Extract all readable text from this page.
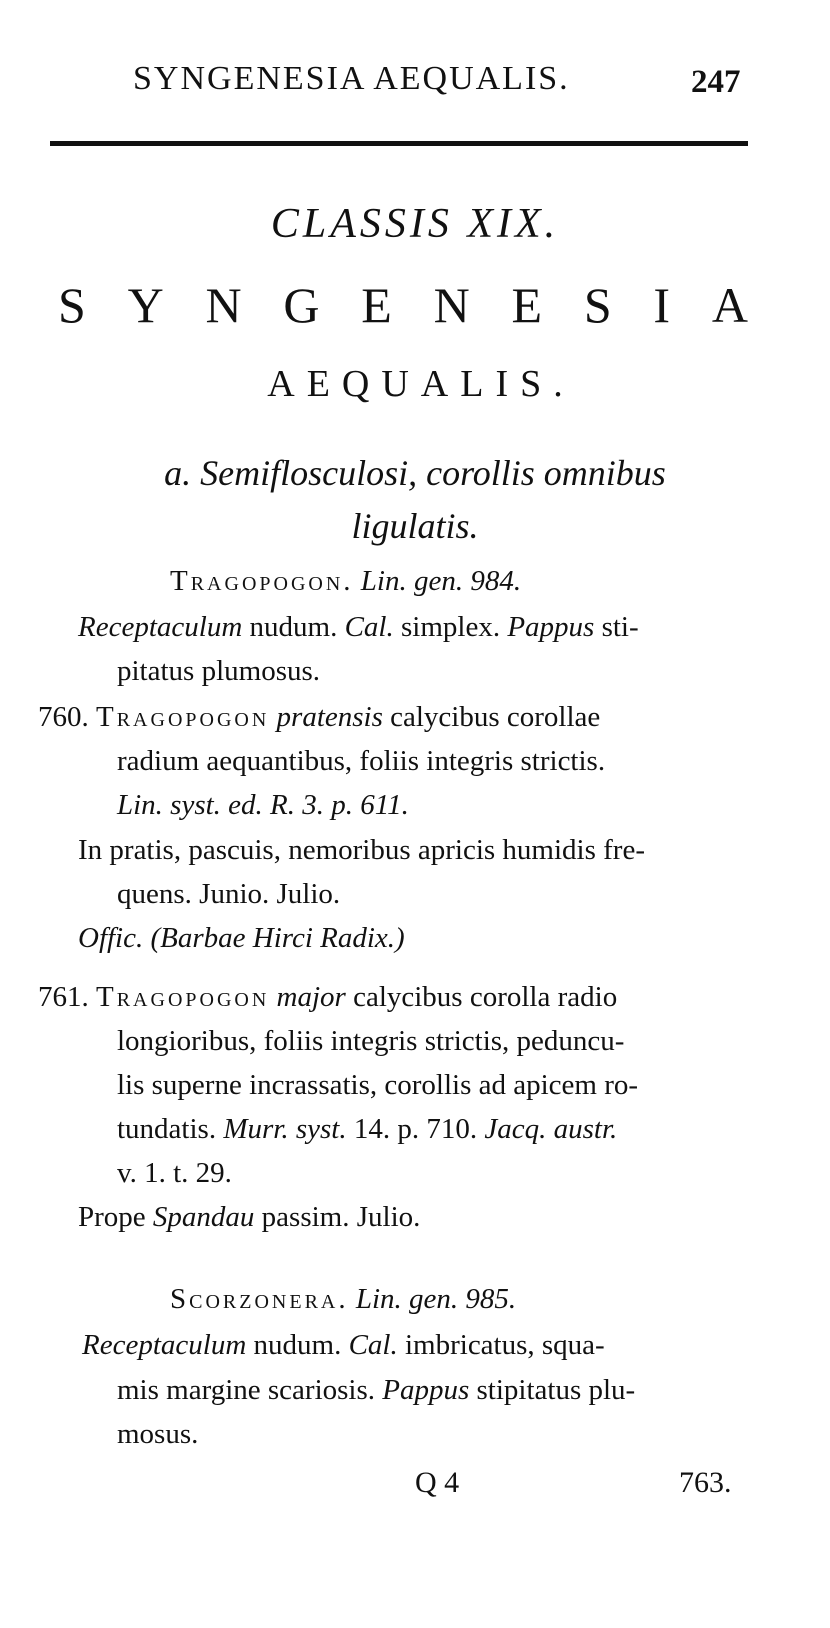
SYNGENESIA AEQUALIS.	247
CLASSIS XIX.
S Y N G E N E S I A
AEQUALIS.
a. Semiflosculosi, corollis omnibus
ligulatis.
Tragopogon. Lin. gen. 984.
Receptaculum nudum. Cal. simplex. Pappus sti-
pitatus plumosus.
760. Tragopogon pratensis calycibus corollae
radium aequantibus, foliis integris strictis.
Lin. syst. ed. R. 3. p. 611.
In pratis, pascuis, nemoribus apricis humidis fre-
quens. Junio. Julio.
Offic. (Barbae Hirci Radix.)
761. Tragopogon major calycibus corolla radio
longioribus, foliis integris strictis, peduncu-
lis superne incrassatis, corollis ad apicem ro-
tundatis. Murr. syst. 14. p. 710. Jacq. austr.
v. 1. t. 29.
Prope Spandau passim. Julio.
Scorzonera. Lin. gen. 985.
Receptaculum nudum. Cal. imbricatus, squa-
mis margine scariosis. Pappus stipitatus plu-
mosus.
Q 4	763.
